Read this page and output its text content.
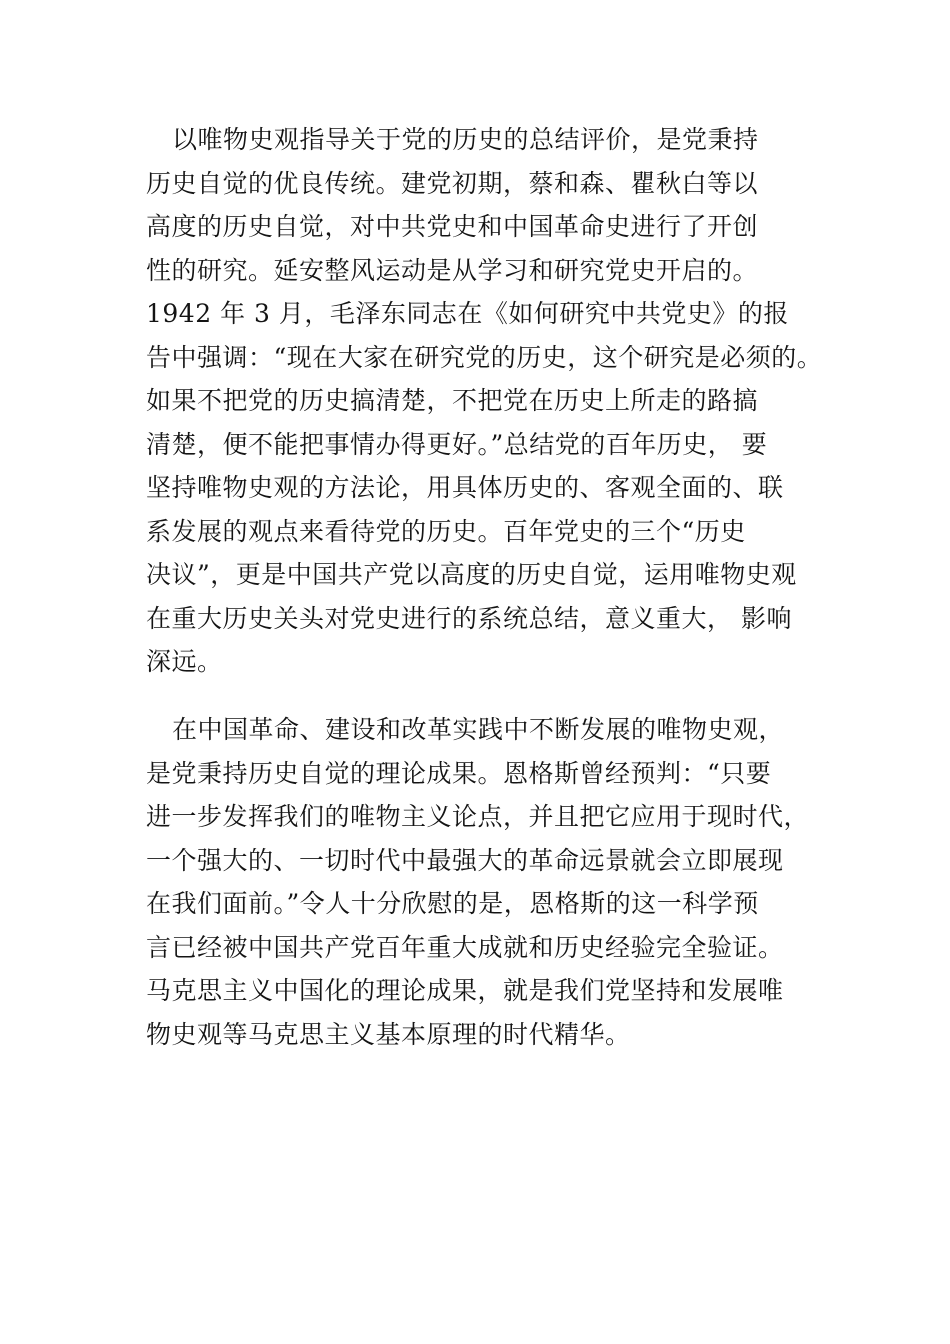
以唯物史观指导关于党的历史的总结评价，是党秉持
历史自觉的优良传统。建党初期，蔡和森、瞿秋白等以
高度的历史自觉，对中共党史和中国革命史进行了开创
性的研究。延安整风运动是从学习和研究党史开启的。
1942 年 3 月，毛泽东同志在《如何研究中共党史》的报
告中强调：“现在大家在研究党的历史，这个研究是必须的。
如果不把党的历史搞清楚，不把党在历史上所走的路搞
清楚，便不能把事情办得更好。”总结党的百年历史， 要
坚持唯物史观的方法论，用具体历史的、客观全面的、联
系发展的观点来看待党的历史。百年党史的三个“历史
决议”，更是中国共产党以高度的历史自觉，运用唯物史观
在重大历史关头对党史进行的系统总结，意义重大， 影响
深远。
在中国革命、建设和改革实践中不断发展的唯物史观，
是党秉持历史自觉的理论成果。恩格斯曾经预判：“只要
进一步发挥我们的唯物主义论点，并且把它应用于现时代，
一个强大的、一切时代中最强大的革命远景就会立即展现
在我们面前。”令人十分欣慰的是，恩格斯的这一科学预
言已经被中国共产党百年重大成就和历史经验完全验证。
马克思主义中国化的理论成果，就是我们党坚持和发展唯
物史观等马克思主义基本原理的时代精华。
